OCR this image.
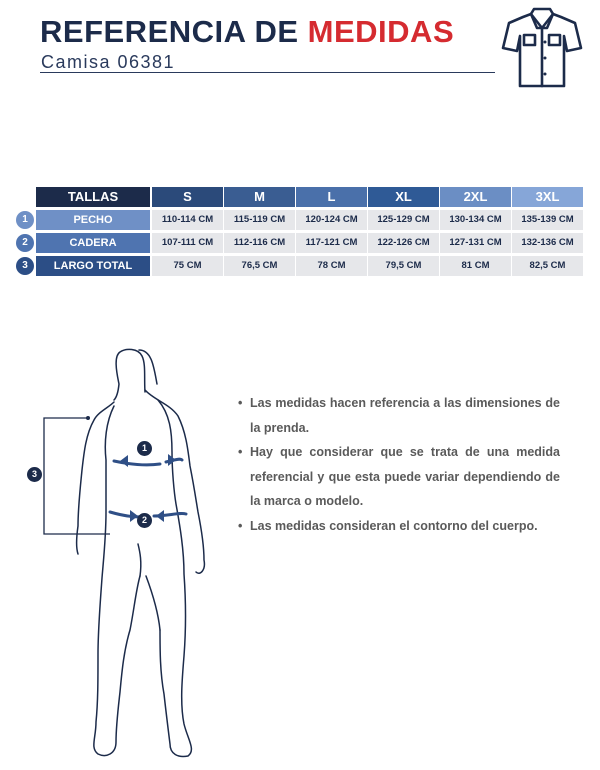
REFERENCIA DE MEDIDAS
Camisa 06381
TALLAS	S	M	L	XL	2XL	3XL
1	PECHO	110-114 CM	115-119 CM	120-124 CM	125-129 CM	130-134 CM	135-139 CM
2	CADERA	107-111 CM	112-116 CM	117-121 CM	122-126 CM	127-131 CM	132-136 CM
3	LARGO TOTAL	75 CM	76,5 CM	78 CM	79,5 CM	81 CM	82,5 CM
1
2
3
• Las medidas hacen referencia a las dimensiones de la prenda.
• Hay que considerar que se trata de una medida referencial y que esta puede variar dependiendo de la marca o modelo.
• Las medidas consideran el contorno del cuerpo.
